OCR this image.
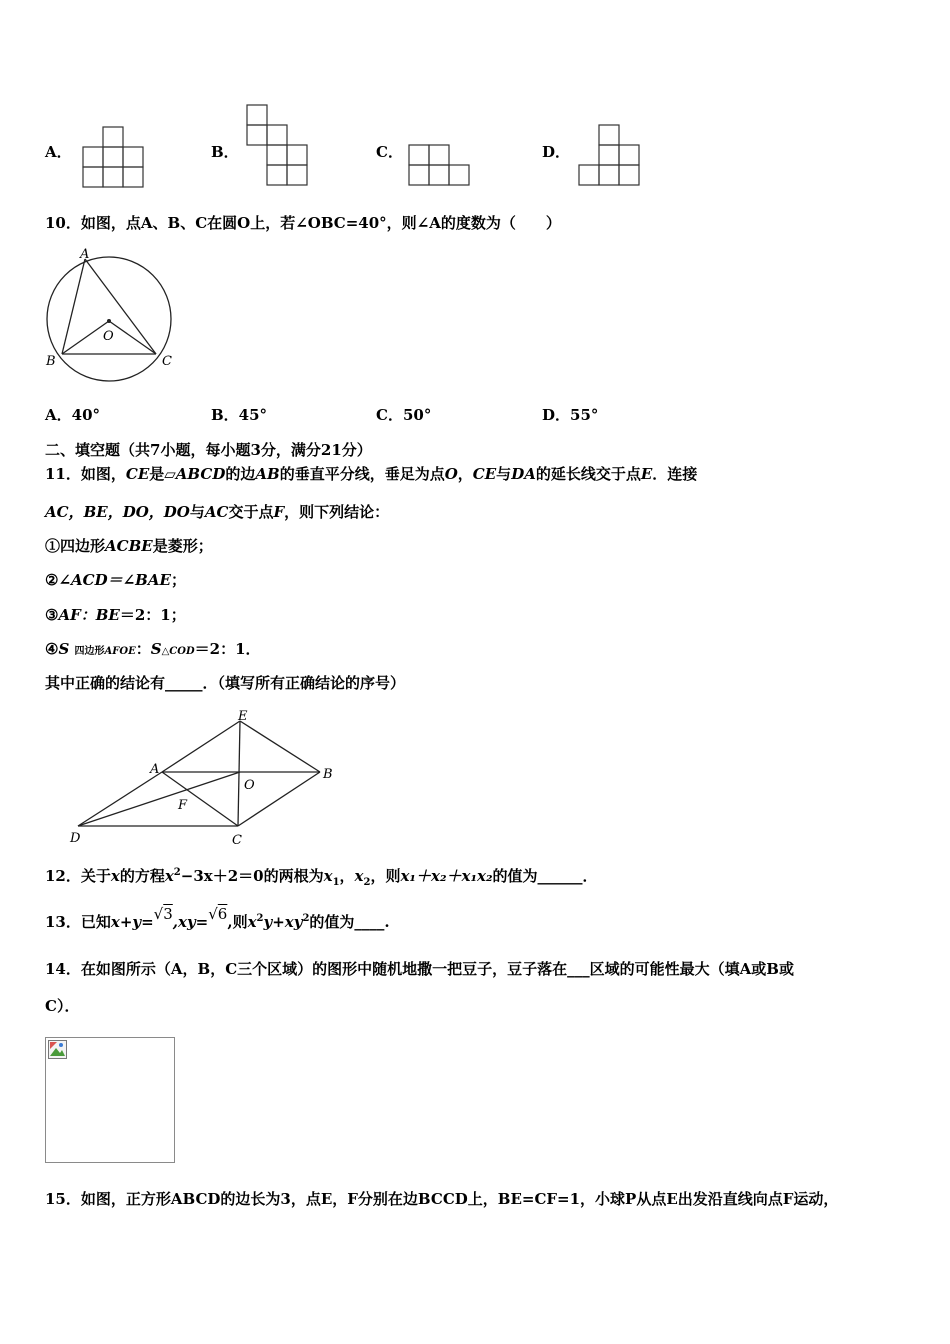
A．	B．	C．	D．
10．如图，点A、B、C在圆O上，若∠OBC=40°，则∠A的度数为（　　）
A
B	C
O
A．40°	B．45°	C．50°	D．55°
二、填空题（共7小题，每小题3分，满分21分）
11．如图，CE是▱ABCD的边AB的垂直平分线，垂足为点O，CE与DA的延长线交于点E．连接
AC，BE，DO，DO与AC交于点F，则下列结论：
①四边形ACBE是菱形；
②∠ACD＝∠BAE；
③AF：BE＝2：1；
④S 四边形AFOE：S△COD＝2：1．
其中正确的结论有_____．（填写所有正确结论的序号）
E
A
O
B
F
D	C
12．关于x的方程$x^2-3x+2=0$的两根为$x_1$，$x_2$，则x₁＋x₂＋x₁x₂的值为______．
13．已知x+y=√3,xy=√6,则$x^2y+xy^2$的值为____.
14．在如图所示（A，B，C三个区域）的图形中随机地撒一把豆子，豆子落在___区域的可能性最大（填A或B或
C）．
15．如图，正方形ABCD的边长为3，点E，F分别在边BCCD上，BE=CF=1，小球P从点E出发沿直线向点F运动，
